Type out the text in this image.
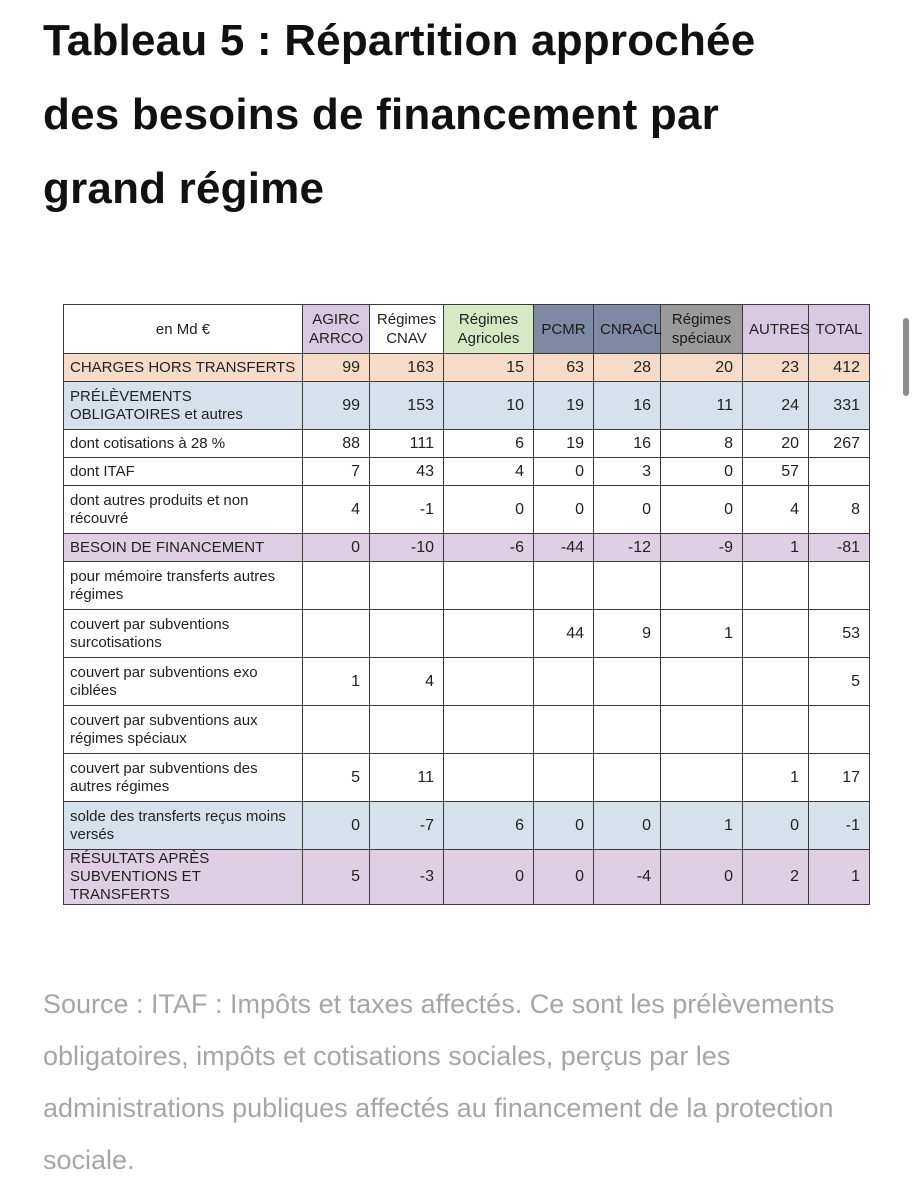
Tableau 5 : Répartition approchée des besoins de financement par grand régime
en Md €	AGIRC ARRCO	Régimes CNAV	Régimes Agricoles	PCMR	CNRACL	Régimes spéciaux	AUTRES	TOTAL
CHARGES HORS TRANSFERTS	99	163	15	63	28	20	23	412
PRÉLÈVEMENTS OBLIGATOIRES et autres	99	153	10	19	16	11	24	331
dont cotisations à 28 %	88	111	6	19	16	8	20	267
dont ITAF	7	43	4	0	3	0	57	
dont autres produits et non récouvré	4	-1	0	0	0	0	4	8
BESOIN DE FINANCEMENT	0	-10	-6	-44	-12	-9	1	-81
pour mémoire transferts autres régimes								
couvert par subventions surcotisations				44	9	1		53
couvert par subventions exo ciblées	1	4						5
couvert par subventions aux régimes spéciaux								
couvert par subventions des autres régimes	5	11					1	17
solde des transferts reçus moins versés	0	-7	6	0	0	1	0	-1
RÉSULTATS APRÈS SUBVENTIONS ET TRANSFERTS	5	-3	0	0	-4	0	2	1

Source : ITAF : Impôts et taxes affectés. Ce sont les prélèvements obligatoires, impôts et cotisations sociales, perçus par les administrations publiques affectés au financement de la protection sociale.
